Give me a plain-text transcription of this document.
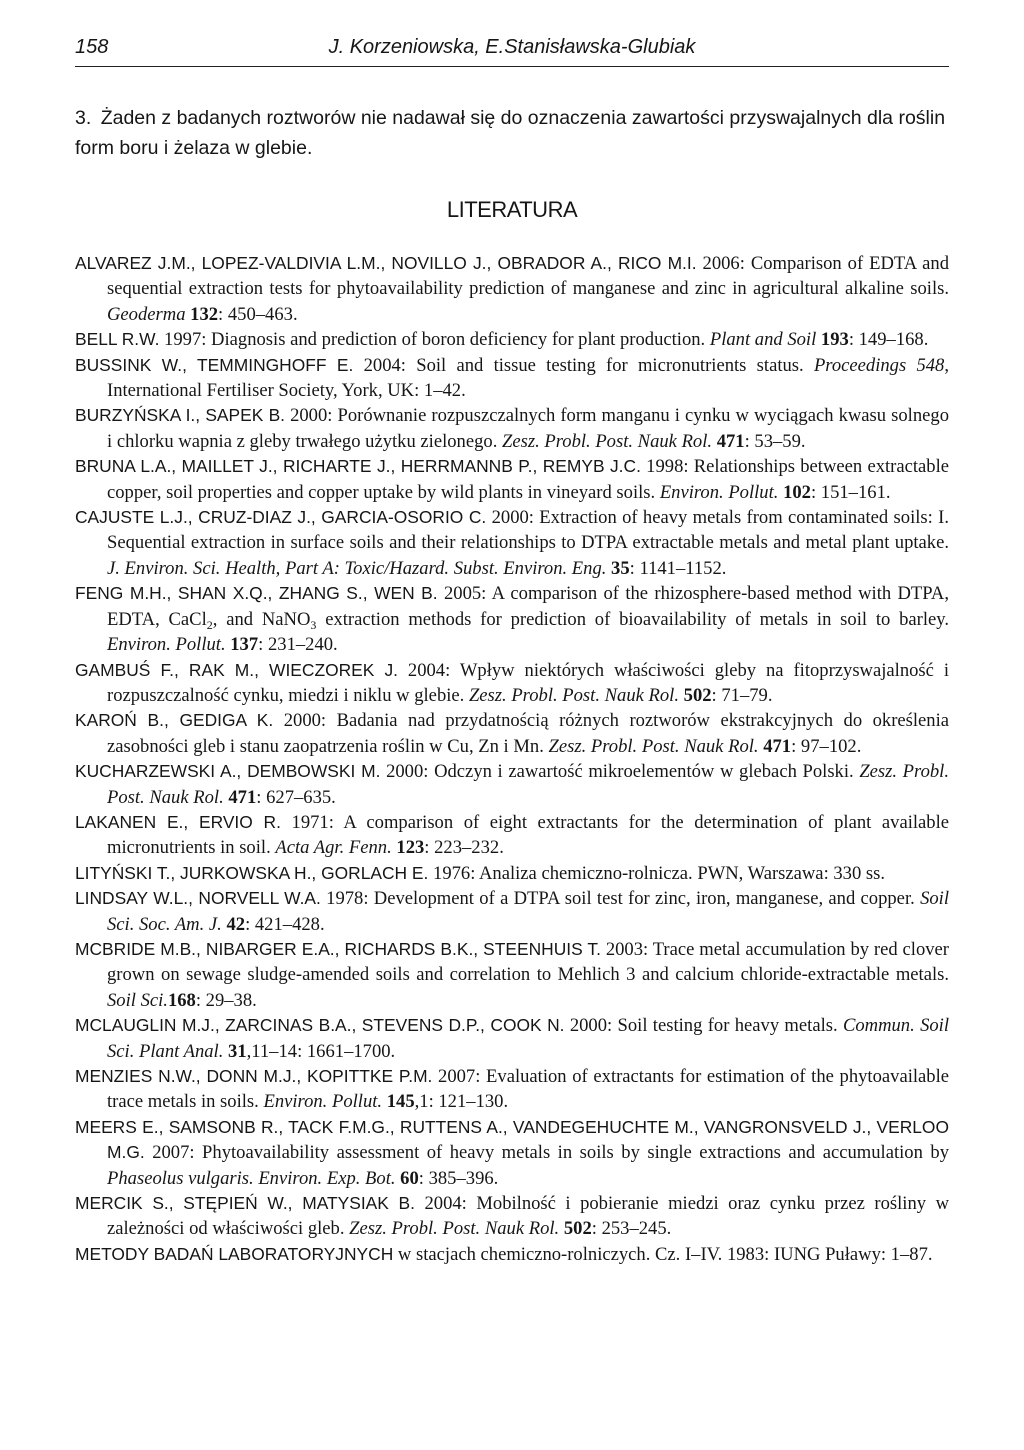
158	J. Korzeniowska, E.Stanisławska-Glubiak
3. Żaden z badanych roztworów nie nadawał się do oznaczenia zawartości przyswajalnych dla roślin form boru i żelaza w glebie.
LITERATURA
ALVAREZ J.M., LOPEZ-VALDIVIA L.M., NOVILLO J., OBRADOR A., RICO M.I. 2006: Comparison of EDTA and sequential extraction tests for phytoavailability prediction of manganese and zinc in agricultural alkaline soils. Geoderma 132: 450–463.
BELL R.W. 1997: Diagnosis and prediction of boron deficiency for plant production. Plant and Soil 193: 149–168.
BUSSINK W., TEMMINGHOFF E. 2004: Soil and tissue testing for micronutrients status. Proceedings 548, International Fertiliser Society, York, UK: 1–42.
BURZYŃSKA I., SAPEK B. 2000: Porównanie rozpuszczalnych form manganu i cynku w wyciągach kwasu solnego i chlorku wapnia z gleby trwałego użytku zielonego. Zesz. Probl. Post. Nauk Rol. 471: 53–59.
BRUNA L.A., MAILLET J., RICHARTE J., HERRMANNB P., REMYB J.C. 1998: Relationships between extractable copper, soil properties and copper uptake by wild plants in vineyard soils. Environ. Pollut. 102: 151–161.
CAJUSTE L.J., CRUZ-DIAZ J., GARCIA-OSORIO C. 2000: Extraction of heavy metals from contaminated soils: I. Sequential extraction in surface soils and their relationships to DTPA extractable metals and metal plant uptake. J. Environ. Sci. Health, Part A: Toxic/Hazard. Subst. Environ. Eng. 35: 1141–1152.
FENG M.H., SHAN X.Q., ZHANG S., WEN B. 2005: A comparison of the rhizosphere-based method with DTPA, EDTA, CaCl$_2$, and NaNO$_3$ extraction methods for prediction of bioavailability of metals in soil to barley. Environ. Pollut. 137: 231–240.
GAMBUŚ F., RAK M., WIECZOREK J. 2004: Wpływ niektórych właściwości gleby na fitoprzyswajalność i rozpuszczalność cynku, miedzi i niklu w glebie. Zesz. Probl. Post. Nauk Rol. 502: 71–79.
KAROŃ B., GEDIGA K. 2000: Badania nad przydatnością różnych roztworów ekstrakcyjnych do określenia zasobności gleb i stanu zaopatrzenia roślin w Cu, Zn i Mn. Zesz. Probl. Post. Nauk Rol. 471: 97–102.
KUCHARZEWSKI A., DEMBOWSKI M. 2000: Odczyn i zawartość mikroelementów w glebach Polski. Zesz. Probl. Post. Nauk Rol. 471: 627–635.
LAKANEN E., ERVIO R. 1971: A comparison of eight extractants for the determination of plant available micronutrients in soil. Acta Agr. Fenn. 123: 223–232.
LITYŃSKI T., JURKOWSKA H., GORLACH E. 1976: Analiza chemiczno-rolnicza. PWN, Warszawa: 330 ss.
LINDSAY W.L., NORVELL W.A. 1978: Development of a DTPA soil test for zinc, iron, manganese, and copper. Soil Sci. Soc. Am. J. 42: 421–428.
MCBRIDE M.B., NIBARGER E.A., RICHARDS B.K., STEENHUIS T. 2003: Trace metal accumulation by red clover grown on sewage sludge-amended soils and correlation to Mehlich 3 and calcium chloride-extractable metals. Soil Sci.168: 29–38.
MCLAUGLIN M.J., ZARCINAS B.A., STEVENS D.P., COOK N. 2000: Soil testing for heavy metals. Commun. Soil Sci. Plant Anal. 31,11–14: 1661–1700.
MENZIES N.W., DONN M.J., KOPITTKE P.M. 2007: Evaluation of extractants for estimation of the phytoavailable trace metals in soils. Environ. Pollut. 145,1: 121–130.
MEERS E., SAMSONB R., TACK F.M.G., RUTTENS A., VANDEGEHUCHTE M., VANGRONSVELD J., VERLOO M.G. 2007: Phytoavailability assessment of heavy metals in soils by single extractions and accumulation by Phaseolus vulgaris. Environ. Exp. Bot. 60: 385–396.
MERCIK S., STĘPIEŃ W., MATYSIAK B. 2004: Mobilność i pobieranie miedzi oraz cynku przez rośliny w zależności od właściwości gleb. Zesz. Probl. Post. Nauk Rol. 502: 253–245.
METODY BADAŃ LABORATORYJNYCH w stacjach chemiczno-rolniczych. Cz. I–IV. 1983: IUNG Puławy: 1–87.
